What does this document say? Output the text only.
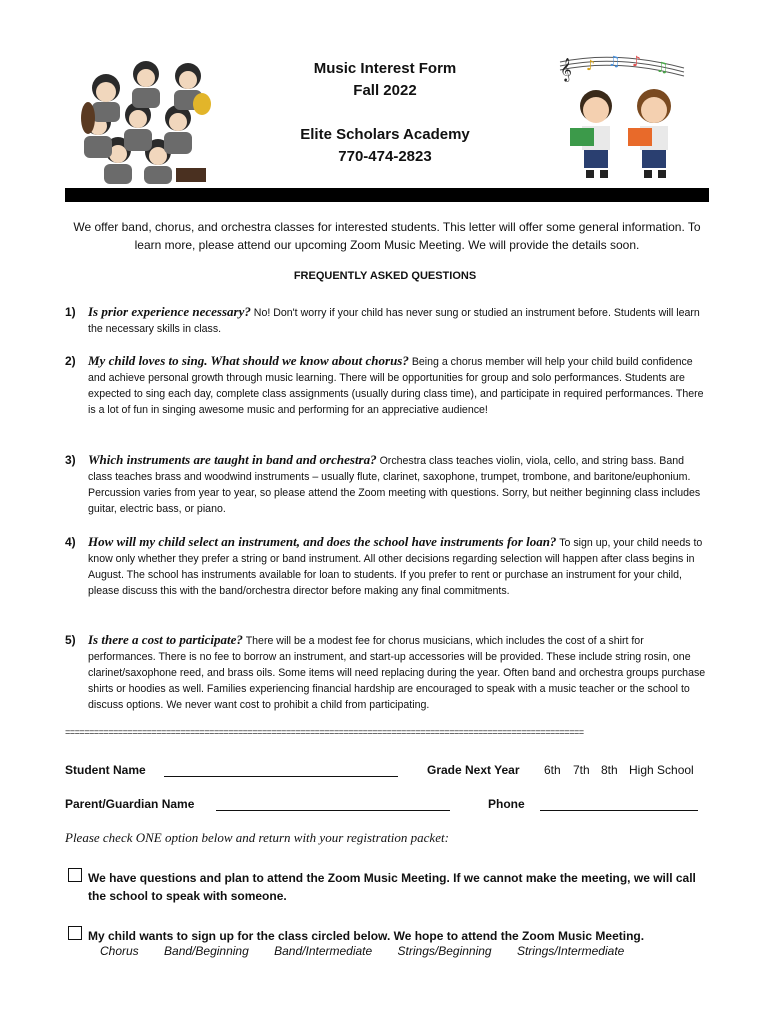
𝄞 ♪ ♫ ♪ ♫
Music Interest Form
Fall 2022
Elite Scholars Academy
770-474-2823
We offer band, chorus, and orchestra classes for interested students. This letter will offer some general information. To learn more, please attend our upcoming Zoom Music Meeting. We will provide the details soon.
FREQUENTLY ASKED QUESTIONS
1) Is prior experience necessary? No! Don't worry if your child has never sung or studied an instrument before. Students will learn the necessary skills in class.
2) My child loves to sing. What should we know about chorus? Being a chorus member will help your child build confidence and achieve personal growth through music learning. There will be opportunities for group and solo performances. Students are expected to sing each day, complete class assignments (usually during class time), and participate in required performances. There is a lot of fun in singing awesome music and performing for an appreciative audience!
3) Which instruments are taught in band and orchestra? Orchestra class teaches violin, viola, cello, and string bass. Band class teaches brass and woodwind instruments – usually flute, clarinet, saxophone, trumpet, trombone, and baritone/euphonium. Percussion varies from year to year, so please attend the Zoom meeting with questions. Sorry, but neither beginning class includes guitar, electric bass, or piano.
4) How will my child select an instrument, and does the school have instruments for loan? To sign up, your child needs to know only whether they prefer a string or band instrument. All other decisions regarding selection will happen after class begins in August. The school has instruments available for loan to students. If you prefer to rent or purchase an instrument for your child, please discuss this with the band/orchestra director before making any final commitments.
5) Is there a cost to participate? There will be a modest fee for chorus musicians, which includes the cost of a shirt for performances. There is no fee to borrow an instrument, and start-up accessories will be provided. These include string rosin, one clarinet/saxophone reed, and brass oils. Some items will need replacing during the year. Often band and orchestra groups purchase shirts or hoodies as well. Families experiencing financial hardship are encouraged to speak with a music teacher or the school to discuss options. We never want cost to prohibit a child from participating.
============================================================================================================
Student Name	Grade Next Year 6th 7th 8th High School
Parent/Guardian Name	Phone
Please check ONE option below and return with your registration packet:
We have questions and plan to attend the Zoom Music Meeting. If we cannot make the meeting, we will call the school to speak with someone.
My child wants to sign up for the class circled below. We hope to attend the Zoom Music Meeting.
Chorus Band/Beginning Band/Intermediate Strings/Beginning Strings/Intermediate
